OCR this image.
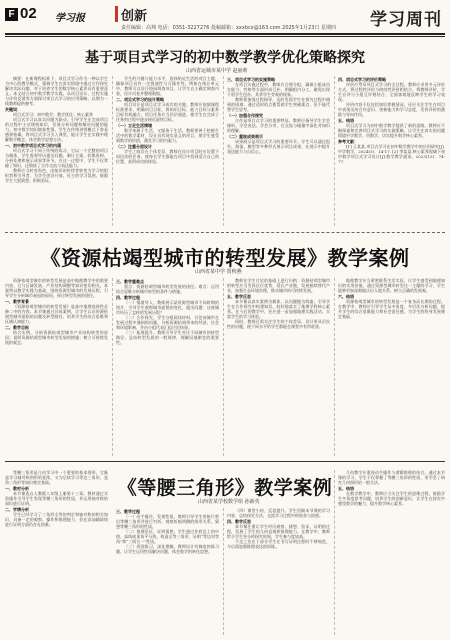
F 02 学习报	创新
责任编辑：高翔 电话：0351-3227276 投稿邮箱：xxxbcx@163.com 2025年1月23日 星期四 学习周刊
基于项目式学习的初中数学教学优化策略探究
山西省运城市某中学 赵丽莉

摘要：在新课程标准下，项目式学习作为一种以学生为中心的教学模式，强调学生在真实情境中通过合作探究解决实际问题，对于培养学生的数学核心素养具有重要意义。本文结合初中数学教学实践，从项目设计、过程实施与评价反馈等方面探讨项目式学习的应用策略，以期为一线教师提供参考。

关键词：

项目式学习；初中数学；教学优化；核心素养

项目式学习以真实问题为驱动，引导学生在完成项目的过程中主动建构知识，发展分析问题和解决问题的能力。初中数学知识抽象性强，学生在传统讲授模式下容易感到枯燥。将项目式学习引入课堂，能让学生在实践中理解数学概念，体会数学思想方法。

一、初中数学项目式学习的内涵

项目式学习不同于传统的练习，它以一个完整的项目为载体，学生需要经历提出问题、制订方案、收集资料、分析处理和展示成果等环节。在这一过程中，学生不仅掌握了知识，还锻炼了合作交流与表达能力。

教师应当转变角色，由知识的传授者转变为学习的组织者和引导者，为学生创设开放、民主的学习氛围，鼓励学生大胆猜想、积极验证。

学生的兴趣与能力水平，选择贴近生活的项目主题，确保项目具有一定挑战性与可操作性。例如在统计单元中，教师可以设计校园调查项目，让学生自主确定调查内容，设计问卷并整理数据。

二、项目式学习的设计策略

项目设计是项目式学习成功的关键。教师应依据课程标准要求，明确项目目标，将知识目标、能力目标与素养目标有机融合。项目任务应当层层递进，使学生在完成子任务的过程中逐步接近最终目标。

（一）立足生活情境

数学来源于生活，又服务于生活。教师要善于挖掘生活中的数学素材，设计具有现实意义的项目，使学生感受到数学的价值，激发学习的内驱力。

（二）注重分层设计

学生之间存在个体差异，教师在设计项目时应设置不同层次的任务，使每名学生都能在项目中找到适合自己的位置，获得成功的体验。

三、项目式学习的实施策略

在项目实施过程中，教师应合理分组，确保小组成员在能力、性格等方面形成互补，明确组内分工，避免出现个别学生包办、其余学生旁观的现象。

教师要加强过程指导，及时发现学生在探究过程中遇到的困难，通过适时的点拨帮助学生突破难点，但不能代替学生思考。

（一）加强合作探究

合作是项目式学习的重要特征。教师应指导学生学会倾听、学会表达、学会分享，在交流与碰撞中深化对知识的理解。

（二）重视成果展示

成果展示是项目式学习的重要环节。学生可以通过报告、海报、模型等多种形式展示项目成果，在展示中提升表达能力与自信心。

四、项目式学习的评价策略

评价应贯穿项目式学习的全过程。教师应采用多元评价方式，将过程性评价与终结性评价相结合，将教师评价、学生自评与小组互评相结合，全面客观地反映学生的学习表现。

评价内容不仅包括知识掌握情况，还应关注学生在项目中表现出的合作意识、创新能力和学习态度，发挥评价的激励与导向作用。

五、结语

项目式学习为初中数学教学提供了新的思路。教师应不断探索和完善项目式学习的实施策略，让学生在真实的问题情境中学数学、用数学，切实提升数学核心素养。

参考文献：

[1] 王某某.项目式学习在初中数学教学中的应用研究[J].中学数学，2024(5)：14-17. [2] 李某某.核心素养视域下初中数学项目式学习设计[J].数学教学通讯，2023(13)：74-77.

《资源枯竭型城市的转型发展》教学案例
山西省某中学 贾秋燕

资源枯竭型城市的转型发展是高中地理教学中的重要内容，它与区域发展、产业结构调整等知识密切相关。本案例以教学实践为基础，围绕资源型城市的发展历程，引导学生分析城市衰退的原因，探讨转型发展的途径。

一、教学背景

《资源枯竭型城市的转型发展》是高中地理选择性必修二中的内容。本节课通过具体案例，让学生认识资源枯竭型城市面临的问题及转型路径，培养学生的综合思维和区域认知能力。

二、教学目标

结合实例，分析资源枯竭型城市产业结构转型的原因；说明资源枯竭型城市转型发展的措施；树立可持续发展的观念。

三、教学重难点

重点：资源枯竭型城市转型发展的途径。难点：运用综合思维分析城市转型的条件与措施。

四、教学过程

（一）情境导入。教师展示某资源型城市不同时期的图片，引导学生观察城市面貌的变化，提出问题：这座城市经历了怎样的发展历程？

（二）合作探究。学生分组阅读材料，讨论该城市在发展过程中遇到的问题，分析资源枯竭带来的经济、社会和环境影响，并由小组代表汇报讨论结果。

（三）拓展提升。教师引导学生对比不同城市的转型路径，总结转型发展的一般规律，理解因地制宜的重要性。

教师在学生讨论的基础上进行归纳：资源枯竭型城市的转型应当发挥区位优势，延长产业链，发展接续替代产业，加强生态环境治理，推动城市的可持续发展。

五、教学反思

本节课以真实案例为载体，以问题链为线索，引导学生在合作探究中构建知识，较好地落实了地理学科核心素养。在今后的教学中，还应进一步加强地理实践活动，丰富学生的学习体验。

同时，教师还需关注学生的个体差异，设计更具层次性的问题，使不同水平的学生都能在课堂中有所收获。

地理教学应当紧密联系生活实际，让学生感受到地理知识的实用价值。通过资源型城市转型这一主题的学习，学生能够更加深刻地认识人地关系，树立正确的发展观。

六、结语

资源枯竭型城市的转型发展是一个复杂而长期的过程。在教学中，教师应引导学生从多角度、多层次分析问题，提升学生的综合思维能力和社会责任感，为学生的终身发展奠定基础。

《等腰三角形》教学案例
山西省某学校数学组 孙新英

等腰三角形是几何学习中一个重要的基本图形。它既是学习轴对称图形的延续，又为后续学习等边三角形、直角三角形等知识奠定基础。

一、教材分析

本节课选自人教版八年级上册第十三章。教材通过实验操作引导学生发现等腰三角形的性质，并运用轴对称的知识进行证明。

二、学情分析

学生已经学习了三角形全等的判定和轴对称的相关知识，具备一定的观察、操作和推理能力，但在添加辅助线进行证明方面仍存在困难。

三、教学过程

（一）动手操作，发现性质。教师引导学生用纸片剪出等腰三角形并进行对折，观察折痕两侧的图形关系，猜想等腰三角形的性质。

（二）推理论证，证明猜想。学生通过作底边上的中线、高线或顶角平分线，构造全等三角形，证明“等边对等角”和“三线合一”性质。

（三）巩固练习，深化理解。教师设计有梯度的练习题，让学生运用性质解决问题，体会数学的转化思想。

（四）课堂小结，反思提升。学生回顾本节课的学习内容，总结探究方法，交流学习过程中的收获与困惑。

四、教学反思

本节课注重让学生经历观察、猜想、验证、证明的过程，发展了学生的几何直观和推理能力。在教学中，教师给予学生充分的探究时间，学生参与度较高。

不足之处在于部分学生在书写证明过程时不够规范，今后需加强推理表达的训练。

几何教学应重视动手操作与逻辑推理的结合。通过本节课的学习，学生不仅掌握了等腰三角形的性质，更学会了研究几何图形的一般方法。

五、结语

在数学教学中，教师应当关注学生的思维过程，鼓励学生多角度思考问题，培养学生的创新意识，让学生在探究中感受数学的魅力，提升数学核心素养。
